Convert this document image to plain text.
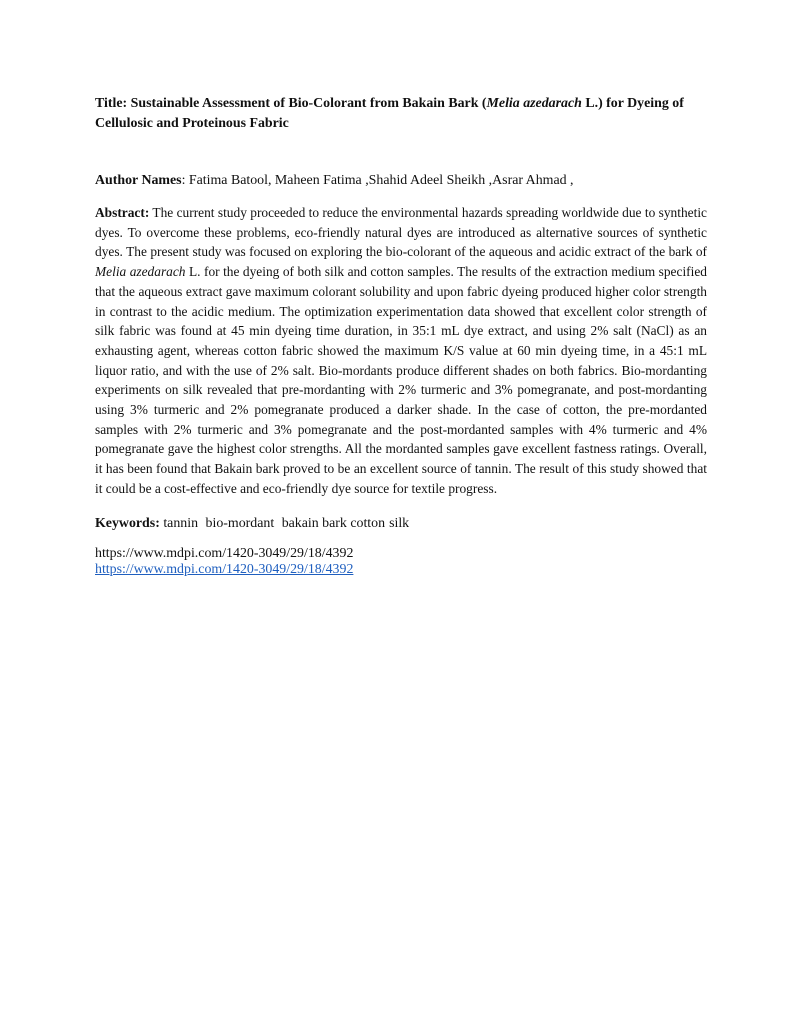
Title: Sustainable Assessment of Bio-Colorant from Bakain Bark (Melia azedarach L.) for Dyeing of Cellulosic and Proteinous Fabric

Author Names: Fatima Batool, Maheen Fatima ,Shahid Adeel Sheikh ,Asrar Ahmad ,

Abstract: The current study proceeded to reduce the environmental hazards spreading worldwide due to synthetic dyes. To overcome these problems, eco-friendly natural dyes are introduced as alternative sources of synthetic dyes. The present study was focused on exploring the bio-colorant of the aqueous and acidic extract of the bark of Melia azedarach L. for the dyeing of both silk and cotton samples. The results of the extraction medium specified that the aqueous extract gave maximum colorant solubility and upon fabric dyeing produced higher color strength in contrast to the acidic medium. The optimization experimentation data showed that excellent color strength of silk fabric was found at 45 min dyeing time duration, in 35:1 mL dye extract, and using 2% salt (NaCl) as an exhausting agent, whereas cotton fabric showed the maximum K/S value at 60 min dyeing time, in a 45:1 mL liquor ratio, and with the use of 2% salt. Bio-mordants produce different shades on both fabrics. Bio-mordanting experiments on silk revealed that pre-mordanting with 2% turmeric and 3% pomegranate, and post-mordanting using 3% turmeric and 2% pomegranate produced a darker shade. In the case of cotton, the pre-mordanted samples with 2% turmeric and 3% pomegranate and the post-mordanted samples with 4% turmeric and 4% pomegranate gave the highest color strengths. All the mordanted samples gave excellent fastness ratings. Overall, it has been found that Bakain bark proved to be an excellent source of tannin. The result of this study showed that it could be a cost-effective and eco-friendly dye source for textile progress.

Keywords: tannin bio-mordant bakain bark cotton silk

https://www.mdpi.com/1420-3049/29/18/4392
https://www.mdpi.com/1420-3049/29/18/4392
